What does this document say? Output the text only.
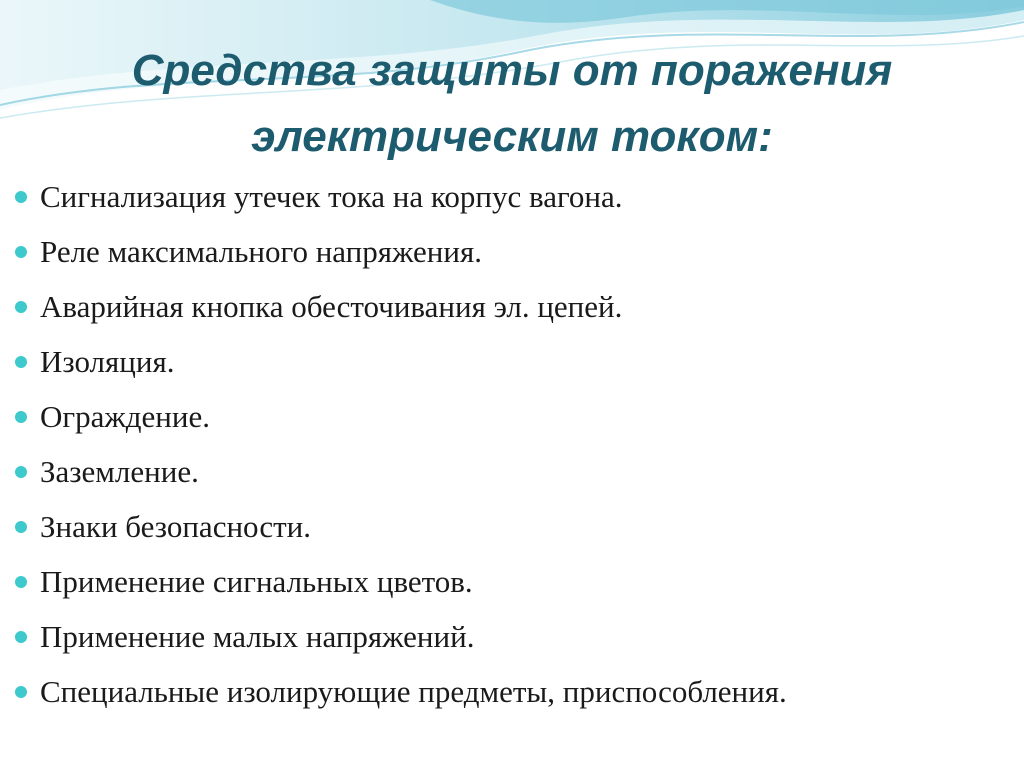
Средства защиты от поражения
электрическим током:
Сигнализация утечек тока на корпус вагона.
Реле максимального напряжения.
Аварийная кнопка обесточивания эл. цепей.
Изоляция.
Ограждение.
Заземление.
Знаки безопасности.
Применение сигнальных цветов.
Применение малых напряжений.
Специальные изолирующие предметы, приспособления.
